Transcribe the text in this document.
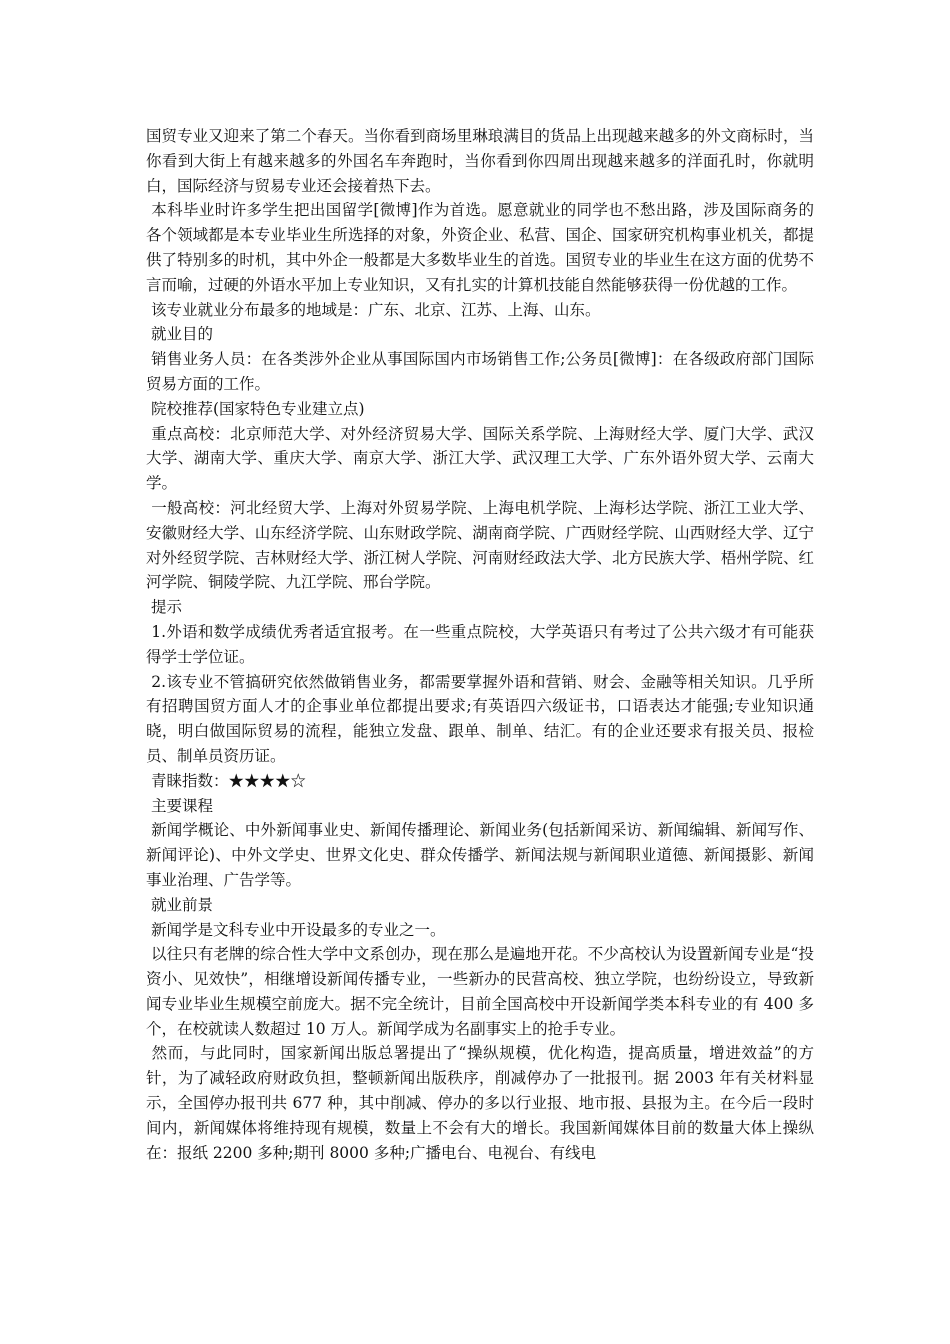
国贸专业又迎来了第二个春天。当你看到商场里琳琅满目的货品上出现越来越多的外文商标时，当你看到大街上有越来越多的外国名车奔跑时，当你看到你四周出现越来越多的洋面孔时，你就明白，国际经济与贸易专业还会接着热下去。

本科毕业时许多学生把出国留学[微博]作为首选。愿意就业的同学也不愁出路，涉及国际商务的各个领域都是本专业毕业生所选择的对象，外资企业、私营、国企、国家研究机构事业机关，都提供了特别多的时机，其中外企一般都是大多数毕业生的首选。国贸专业的毕业生在这方面的优势不言而喻，过硬的外语水平加上专业知识，又有扎实的计算机技能自然能够获得一份优越的工作。

该专业就业分布最多的地域是：广东、北京、江苏、上海、山东。

就业目的

销售业务人员：在各类涉外企业从事国际国内市场销售工作;公务员[微博]：在各级政府部门国际贸易方面的工作。

院校推荐(国家特色专业建立点)

重点高校：北京师范大学、对外经济贸易大学、国际关系学院、上海财经大学、厦门大学、武汉大学、湖南大学、重庆大学、南京大学、浙江大学、武汉理工大学、广东外语外贸大学、云南大学。

一般高校：河北经贸大学、上海对外贸易学院、上海电机学院、上海杉达学院、浙江工业大学、安徽财经大学、山东经济学院、山东财政学院、湖南商学院、广西财经学院、山西财经大学、辽宁对外经贸学院、吉林财经大学、浙江树人学院、河南财经政法大学、北方民族大学、梧州学院、红河学院、铜陵学院、九江学院、邢台学院。

提示

1.外语和数学成绩优秀者适宜报考。在一些重点院校，大学英语只有考过了公共六级才有可能获得学士学位证。

2.该专业不管搞研究依然做销售业务，都需要掌握外语和营销、财会、金融等相关知识。几乎所有招聘国贸方面人才的企事业单位都提出要求;有英语四六级证书，口语表达才能强;专业知识通晓，明白做国际贸易的流程，能独立发盘、跟单、制单、结汇。有的企业还要求有报关员、报检员、制单员资历证。

青睐指数：★★★★☆

主要课程

新闻学概论、中外新闻事业史、新闻传播理论、新闻业务(包括新闻采访、新闻编辑、新闻写作、新闻评论)、中外文学史、世界文化史、群众传播学、新闻法规与新闻职业道德、新闻摄影、新闻事业治理、广告学等。

就业前景

新闻学是文科专业中开设最多的专业之一。

以往只有老牌的综合性大学中文系创办，现在那么是遍地开花。不少高校认为设置新闻专业是“投资小、见效快”，相继增设新闻传播专业，一些新办的民营高校、独立学院，也纷纷设立，导致新闻专业毕业生规模空前庞大。据不完全统计，目前全国高校中开设新闻学类本科专业的有 400 多个，在校就读人数超过 10 万人。新闻学成为名副事实上的抢手专业。

然而，与此同时，国家新闻出版总署提出了“操纵规模，优化构造，提高质量，增进效益”的方针，为了减轻政府财政负担，整顿新闻出版秩序，削减停办了一批报刊。据 2003 年有关材料显示，全国停办报刊共 677 种，其中削减、停办的多以行业报、地市报、县报为主。在今后一段时间内，新闻媒体将维持现有规模，数量上不会有大的增长。我国新闻媒体目前的数量大体上操纵在：报纸 2200 多种;期刊 8000 多种;广播电台、电视台、有线电
